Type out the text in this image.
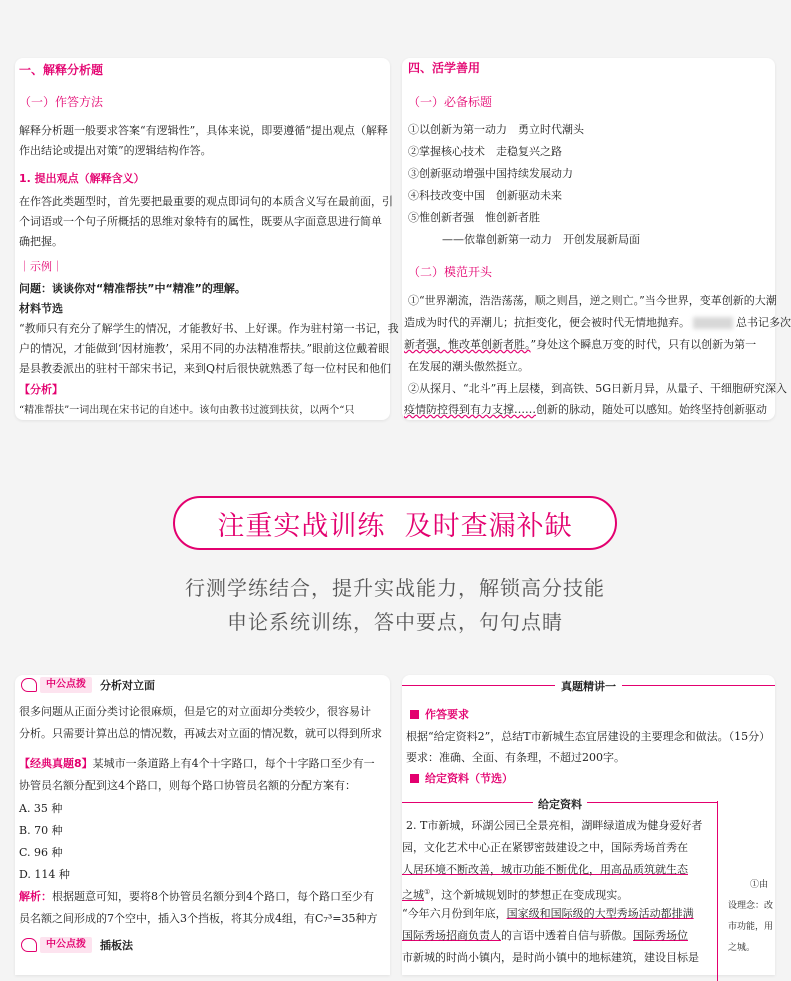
一、解释分析题
（一）作答方法
解释分析题一般要求答案“有逻辑性”，具体来说，即要遵循“提出观点（解释
作出结论或提出对策”的逻辑结构作答。
1. 提出观点（解释含义）
在作答此类题型时，首先要把最重要的观点即词句的本质含义写在最前面，引
个词语或一个句子所概括的思维对象特有的属性，既要从字面意思进行简单
确把握。
｜示例｜
问题：谈谈你对“精准帮扶”中“精准”的理解。
材料节选
“教师只有充分了解学生的情况，才能教好书、上好课。作为驻村第一书记，我
户的情况，才能做到‘因材施教’，采用不同的办法精准帮扶。”眼前这位戴着眼
是县教委派出的驻村干部宋书记，来到Q村后很快就熟悉了每一位村民和他们
【分析】
“精准帮扶”一词出现在宋书记的自述中。该句由教书过渡到扶贫，以两个“只
四、活学善用
（一）必备标题
①以创新为第一动力　勇立时代潮头
②掌握核心技术　走稳复兴之路
③创新驱动增强中国持续发展动力
④科技改变中国　创新驱动未来
⑤惟创新者强　惟创新者胜
——依靠创新第一动力　开创发展新局面
（二）模范开头
①“世界潮流，浩浩荡荡，顺之则昌，逆之则亡。”当今世界，变革创新的大潮
造成为时代的弄潮儿；抗拒变化，便会被时代无情地抛弃。	总书记多次
新者强，惟改革创新者胜。”身处这个瞬息万变的时代，只有以创新为第一
在发展的潮头傲然挺立。
②从探月、“北斗”再上层楼，到高铁、5G日新月异，从量子、干细胞研究深入
疫情防控得到有力支撑……创新的脉动，随处可以感知。始终坚持创新驱动
注重实战训练  及时查漏补缺
行测学练结合，提升实战能力，解锁高分技能
申论系统训练，答中要点，句句点睛
中公点拨	分析对立面
很多问题从正面分类讨论很麻烦，但是它的对立面却分类较少，很容易计
分析。只需要计算出总的情况数，再减去对立面的情况数，就可以得到所求
【经典真题8】某城市一条道路上有4个十字路口，每个十字路口至少有一
协管员名额分配到这4个路口，则每个路口协管员名额的分配方案有：
A. 35 种
B. 70 种
C. 96 种
D. 114 种
解析：根据题意可知，要将8个协管员名额分到4个路口，每个路口至少有
员名额之间形成的7个空中，插入3个挡板，将其分成4组，有C₇³=35种方
中公点拨	插板法
真题精讲一
作答要求
根据“给定资料2”，总结T市新城生态宜居建设的主要理念和做法。（15分）
要求：准确、全面、有条理，不超过200字。
给定资料（节选）
给定资料
2. T市新城，环湖公园已全景亮相，湖畔绿道成为健身爱好者
园，文化艺术中心正在紧锣密鼓建设之中，国际秀场首秀在
人居环境不断改善，城市功能不断优化，用高品质筑就生态
之城①，这个新城规划时的梦想正在变成现实。
“今年六月份到年底，国家级和国际级的大型秀场活动都排满
国际秀场招商负责人的言语中透着自信与骄傲。国际秀场位
市新城的时尚小镇内，是时尚小镇中的地标建筑，建设目标是
①由
设理念：改
市功能，用
之城。
